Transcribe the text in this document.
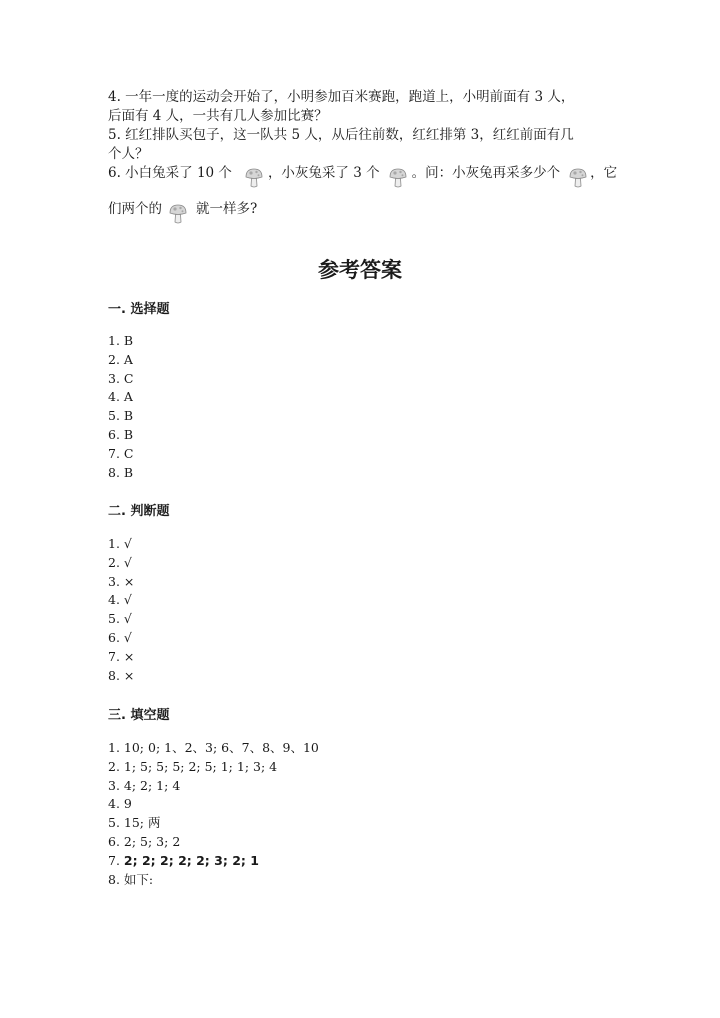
4. 一年一度的运动会开始了，小明参加百米赛跑，跑道上，小明前面有 3 人，
后面有 4 人，一共有几人参加比赛？
5. 红红排队买包子，这一队共 5 人，从后往前数，红红排第 3，红红前面有几
个人？
6. 小白兔采了 10 个	，小灰兔采了 3 个 。问：小灰兔再采多少个 ，它
们两个的	就一样多?
参考答案
一. 选择题
1. B
2. A
3. C
4. A
5. B
6. B
7. C
8. B
二. 判断题
1. √
2. √
3. ×
4. √
5. √
6. √
7. ×
8. ×
三. 填空题
1. 10; 0; 1、2、3; 6、7、8、9、10
2. 1; 5; 5; 5; 2; 5; 1; 1; 3; 4
3. 4; 2; 1; 4
4. 9
5. 15; 两
6. 2; 5; 3; 2
7. 2; 2; 2; 2; 2; 3; 2; 1
8. 如下:
